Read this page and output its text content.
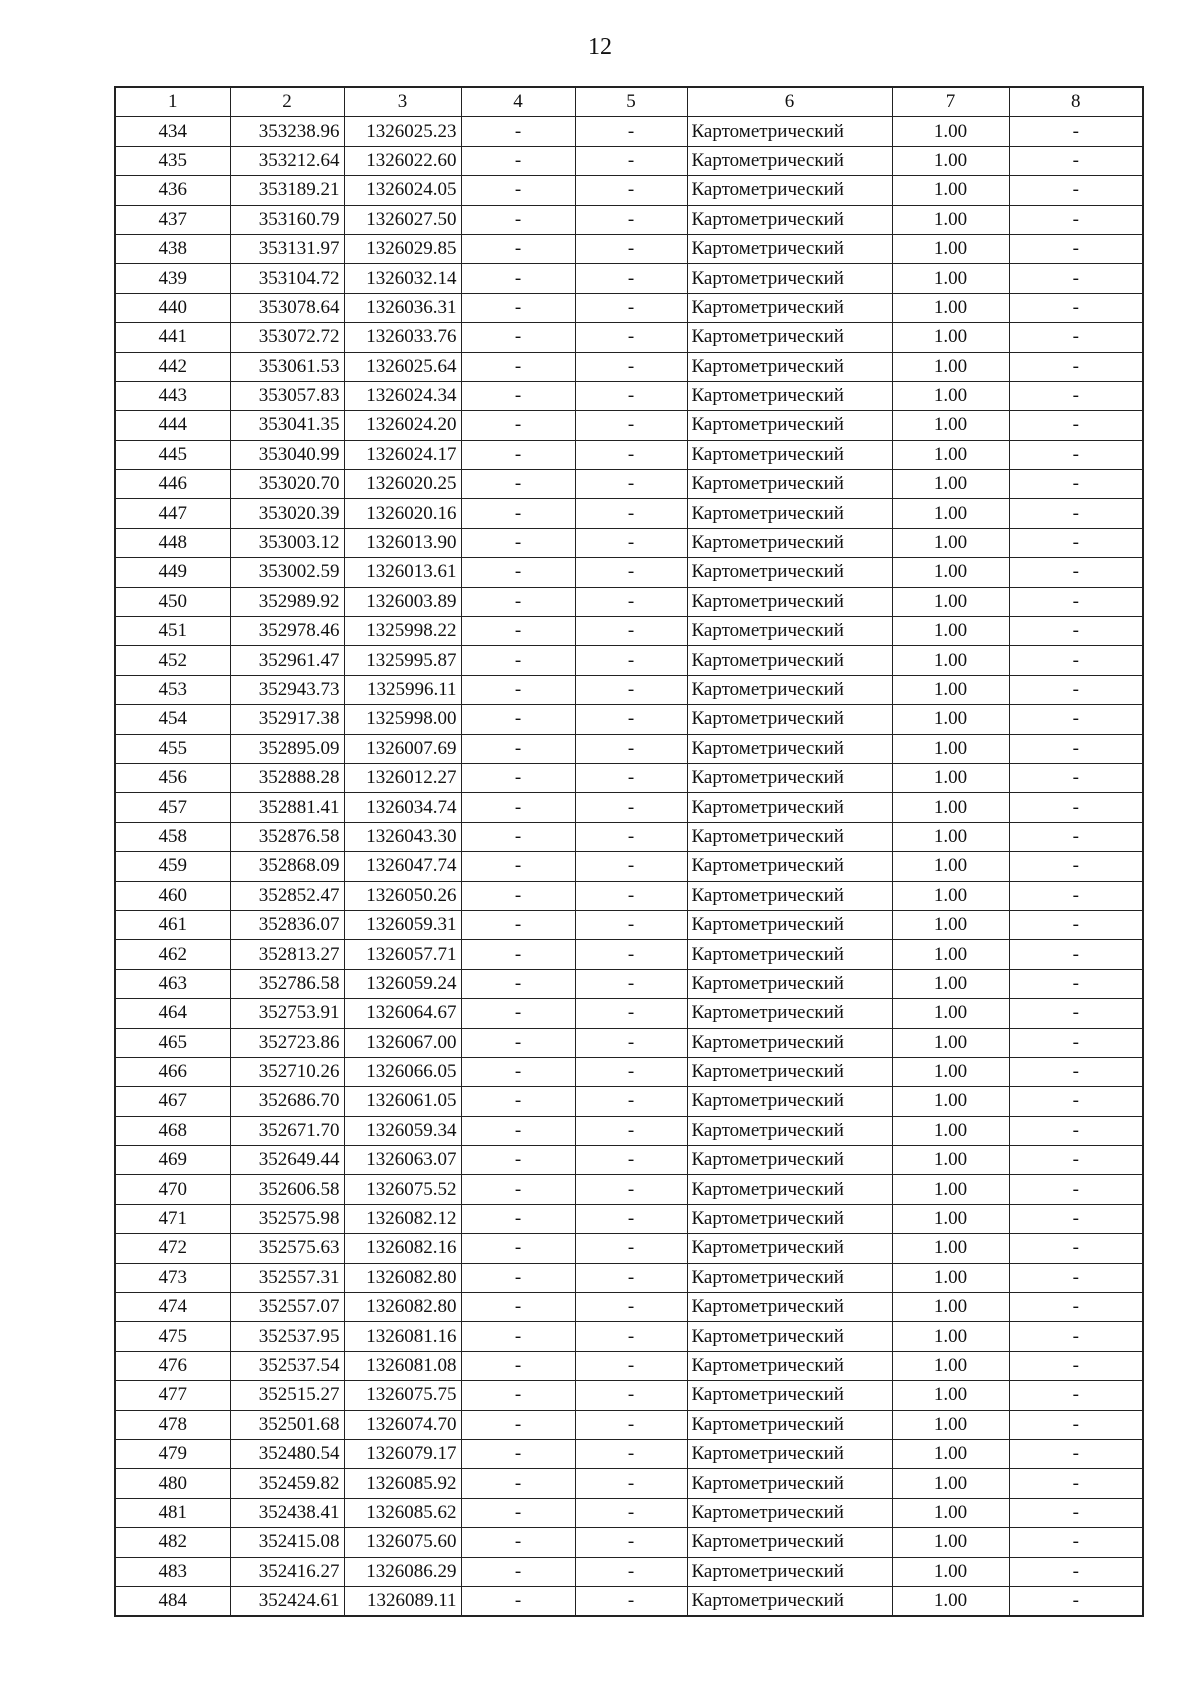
12
1	2	3	4	5	6	7	8
434	353238.96	1326025.23	-	-	Картометрический	1.00	-
435	353212.64	1326022.60	-	-	Картометрический	1.00	-
436	353189.21	1326024.05	-	-	Картометрический	1.00	-
437	353160.79	1326027.50	-	-	Картометрический	1.00	-
438	353131.97	1326029.85	-	-	Картометрический	1.00	-
439	353104.72	1326032.14	-	-	Картометрический	1.00	-
440	353078.64	1326036.31	-	-	Картометрический	1.00	-
441	353072.72	1326033.76	-	-	Картометрический	1.00	-
442	353061.53	1326025.64	-	-	Картометрический	1.00	-
443	353057.83	1326024.34	-	-	Картометрический	1.00	-
444	353041.35	1326024.20	-	-	Картометрический	1.00	-
445	353040.99	1326024.17	-	-	Картометрический	1.00	-
446	353020.70	1326020.25	-	-	Картометрический	1.00	-
447	353020.39	1326020.16	-	-	Картометрический	1.00	-
448	353003.12	1326013.90	-	-	Картометрический	1.00	-
449	353002.59	1326013.61	-	-	Картометрический	1.00	-
450	352989.92	1326003.89	-	-	Картометрический	1.00	-
451	352978.46	1325998.22	-	-	Картометрический	1.00	-
452	352961.47	1325995.87	-	-	Картометрический	1.00	-
453	352943.73	1325996.11	-	-	Картометрический	1.00	-
454	352917.38	1325998.00	-	-	Картометрический	1.00	-
455	352895.09	1326007.69	-	-	Картометрический	1.00	-
456	352888.28	1326012.27	-	-	Картометрический	1.00	-
457	352881.41	1326034.74	-	-	Картометрический	1.00	-
458	352876.58	1326043.30	-	-	Картометрический	1.00	-
459	352868.09	1326047.74	-	-	Картометрический	1.00	-
460	352852.47	1326050.26	-	-	Картометрический	1.00	-
461	352836.07	1326059.31	-	-	Картометрический	1.00	-
462	352813.27	1326057.71	-	-	Картометрический	1.00	-
463	352786.58	1326059.24	-	-	Картометрический	1.00	-
464	352753.91	1326064.67	-	-	Картометрический	1.00	-
465	352723.86	1326067.00	-	-	Картометрический	1.00	-
466	352710.26	1326066.05	-	-	Картометрический	1.00	-
467	352686.70	1326061.05	-	-	Картометрический	1.00	-
468	352671.70	1326059.34	-	-	Картометрический	1.00	-
469	352649.44	1326063.07	-	-	Картометрический	1.00	-
470	352606.58	1326075.52	-	-	Картометрический	1.00	-
471	352575.98	1326082.12	-	-	Картометрический	1.00	-
472	352575.63	1326082.16	-	-	Картометрический	1.00	-
473	352557.31	1326082.80	-	-	Картометрический	1.00	-
474	352557.07	1326082.80	-	-	Картометрический	1.00	-
475	352537.95	1326081.16	-	-	Картометрический	1.00	-
476	352537.54	1326081.08	-	-	Картометрический	1.00	-
477	352515.27	1326075.75	-	-	Картометрический	1.00	-
478	352501.68	1326074.70	-	-	Картометрический	1.00	-
479	352480.54	1326079.17	-	-	Картометрический	1.00	-
480	352459.82	1326085.92	-	-	Картометрический	1.00	-
481	352438.41	1326085.62	-	-	Картометрический	1.00	-
482	352415.08	1326075.60	-	-	Картометрический	1.00	-
483	352416.27	1326086.29	-	-	Картометрический	1.00	-
484	352424.61	1326089.11	-	-	Картометрический	1.00	-
